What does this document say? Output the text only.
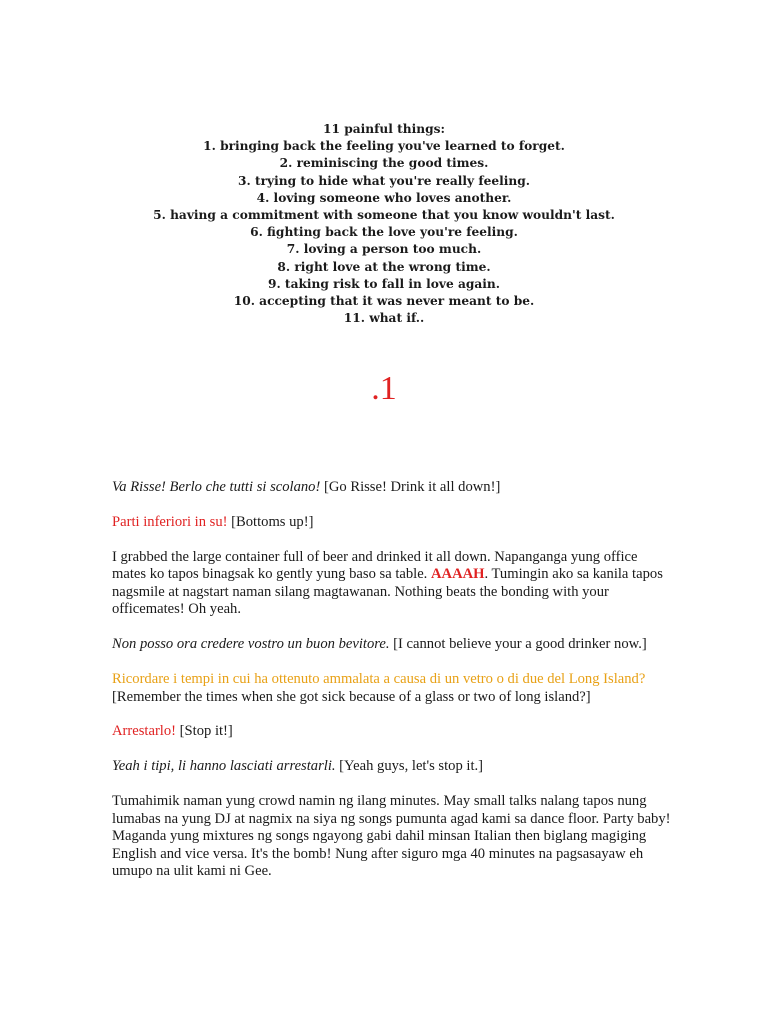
11 painful things:
1. bringing back the feeling you've learned to forget.
2. reminiscing the good times.
3. trying to hide what you're really feeling.
4. loving someone who loves another.
5. having a commitment with someone that you know wouldn't last.
6. fighting back the love you're feeling.
7. loving a person too much.
8. right love at the wrong time.
9. taking risk to fall in love again.
10. accepting that it was never meant to be.
11. what if..
.1

Va Risse! Berlo che tutti si scolano! [Go Risse! Drink it all down!]

Parti inferiori in su! [Bottoms up!]

I grabbed the large container full of beer and drinked it all down. Napanganga yung office mates ko tapos binagsak ko gently yung baso sa table. AAAAH. Tumingin ako sa kanila tapos nagsmile at nagstart naman silang magtawanan. Nothing beats the bonding with your officemates! Oh yeah.

Non posso ora credere vostro un buon bevitore. [I cannot believe your a good drinker now.]

Ricordare i tempi in cui ha ottenuto ammalata a causa di un vetro o di due del Long Island?
[Remember the times when she got sick because of a glass or two of long island?]

Arrestarlo! [Stop it!]

Yeah i tipi, li hanno lasciati arrestarli. [Yeah guys, let's stop it.]

Tumahimik naman yung crowd namin ng ilang minutes. May small talks nalang tapos nung lumabas na yung DJ at nagmix na siya ng songs pumunta agad kami sa dance floor. Party baby! Maganda yung mixtures ng songs ngayong gabi dahil minsan Italian then biglang magiging English and vice versa. It's the bomb! Nung after siguro mga 40 minutes na pagsasayaw eh umupo na ulit kami ni Gee.
